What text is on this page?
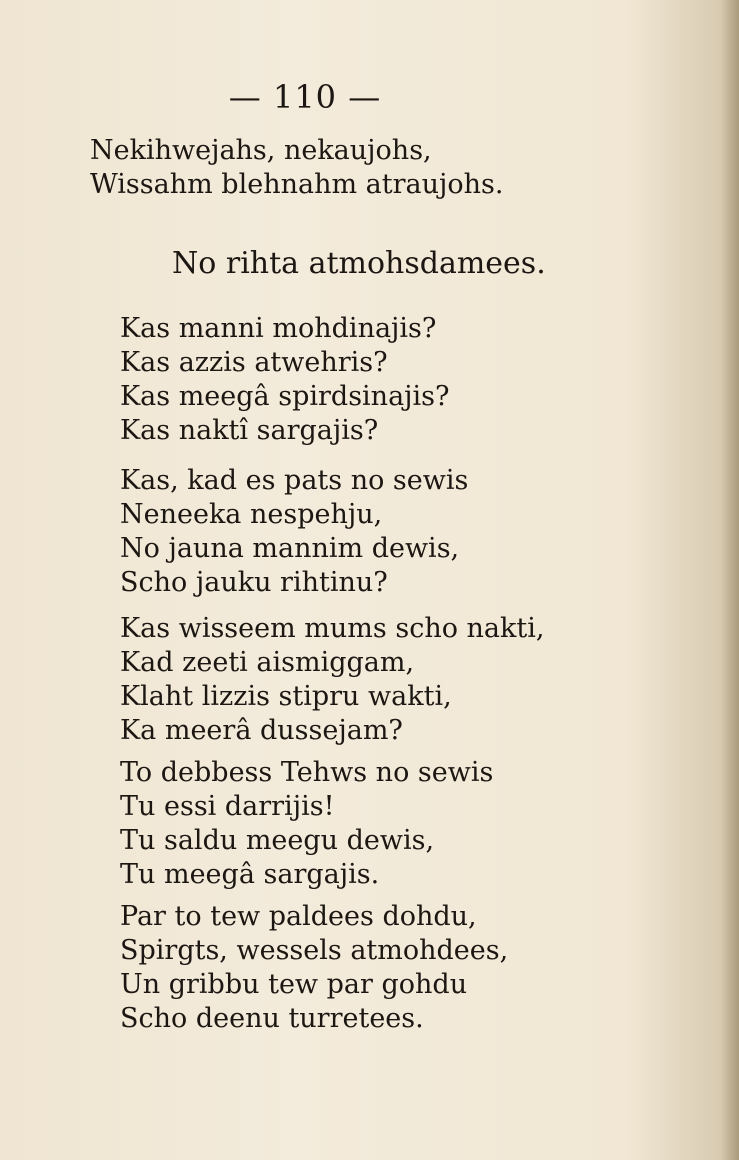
— 110 —
Nekihwejahs, nekaujohs,
Wissahm blehnahm atraujohs.
No rihta atmohsdamees.
Kas manni mohdinajis?
Kas azzis atwehris?
Kas meegâ spirdsinajis?
Kas naktî sargajis?
Kas, kad es pats no sewis
Neneeka nespehju,
No jauna mannim dewis,
Scho jauku rihtinu?
Kas wisseem mums scho nakti,
Kad zeeti aismiggam,
Klaht lizzis stipru wakti,
Ka meerâ dussejam?
To debbess Tehws no sewis
Tu essi darrijis!
Tu saldu meegu dewis,
Tu meegâ sargajis.
Par to tew paldees dohdu,
Spirgts, wessels atmohdees,
Un gribbu tew par gohdu
Scho deenu turretees.
